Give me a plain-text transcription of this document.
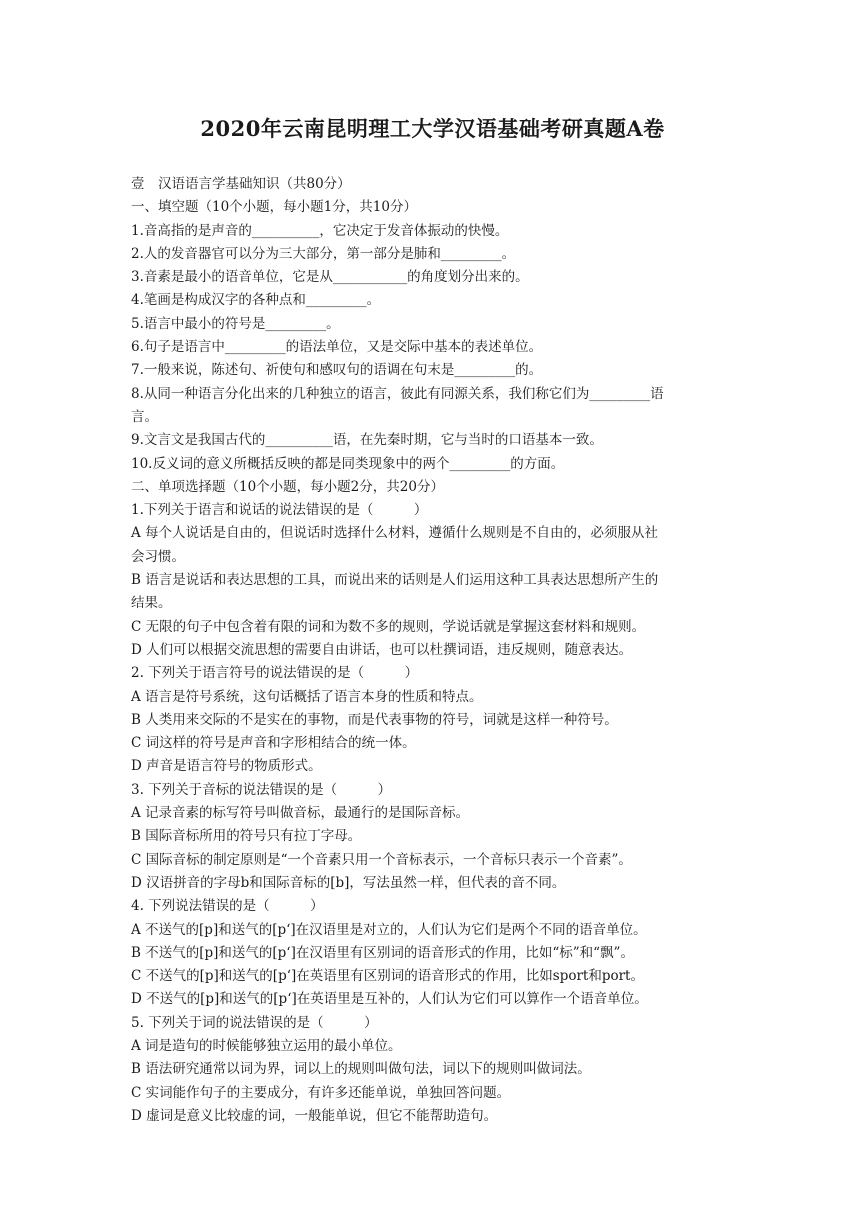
2020年云南昆明理工大学汉语基础考研真题A卷
壹　汉语语言学基础知识（共80分）
一、填空题（10个小题，每小题1分，共10分）
1.音高指的是声音的__________，它决定于发音体振动的快慢。
2.人的发音器官可以分为三大部分，第一部分是肺和_________。
3.音素是最小的语音单位，它是从___________的角度划分出来的。
4.笔画是构成汉字的各种点和_________。
5.语言中最小的符号是_________。
6.句子是语言中_________的语法单位，又是交际中基本的表述单位。
7.一般来说，陈述句、祈使句和感叹句的语调在句末是_________的。
8.从同一种语言分化出来的几种独立的语言，彼此有同源关系，我们称它们为_________语
言。
9.文言文是我国古代的__________语，在先秦时期，它与当时的口语基本一致。
10.反义词的意义所概括反映的都是同类现象中的两个_________的方面。
二、单项选择题（10个小题，每小题2分，共20分）
1.下列关于语言和说话的说法错误的是（　　　）
A 每个人说话是自由的，但说话时选择什么材料，遵循什么规则是不自由的，必须服从社
会习惯。
B 语言是说话和表达思想的工具，而说出来的话则是人们运用这种工具表达思想所产生的
结果。
C 无限的句子中包含着有限的词和为数不多的规则，学说话就是掌握这套材料和规则。
D 人们可以根据交流思想的需要自由讲话，也可以杜撰词语，违反规则，随意表达。
2. 下列关于语言符号的说法错误的是（　　　）
A 语言是符号系统，这句话概括了语言本身的性质和特点。
B 人类用来交际的不是实在的事物，而是代表事物的符号，词就是这样一种符号。
C 词这样的符号是声音和字形相结合的统一体。
D 声音是语言符号的物质形式。
3. 下列关于音标的说法错误的是（　　　）
A 记录音素的标写符号叫做音标，最通行的是国际音标。
B 国际音标所用的符号只有拉丁字母。
C 国际音标的制定原则是“一个音素只用一个音标表示，一个音标只表示一个音素”。
D 汉语拼音的字母b和国际音标的[b]，写法虽然一样，但代表的音不同。
4. 下列说法错误的是（　　　）
A 不送气的[p]和送气的[p‘]在汉语里是对立的，人们认为它们是两个不同的语音单位。
B 不送气的[p]和送气的[p‘]在汉语里有区别词的语音形式的作用，比如“标”和“飘”。
C 不送气的[p]和送气的[p‘]在英语里有区别词的语音形式的作用，比如sport和port。
D 不送气的[p]和送气的[p‘]在英语里是互补的，人们认为它们可以算作一个语音单位。
5. 下列关于词的说法错误的是（　　　）
A 词是造句的时候能够独立运用的最小单位。
B 语法研究通常以词为界，词以上的规则叫做句法，词以下的规则叫做词法。
C 实词能作句子的主要成分，有许多还能单说，单独回答问题。
D 虚词是意义比较虚的词，一般能单说，但它不能帮助造句。
